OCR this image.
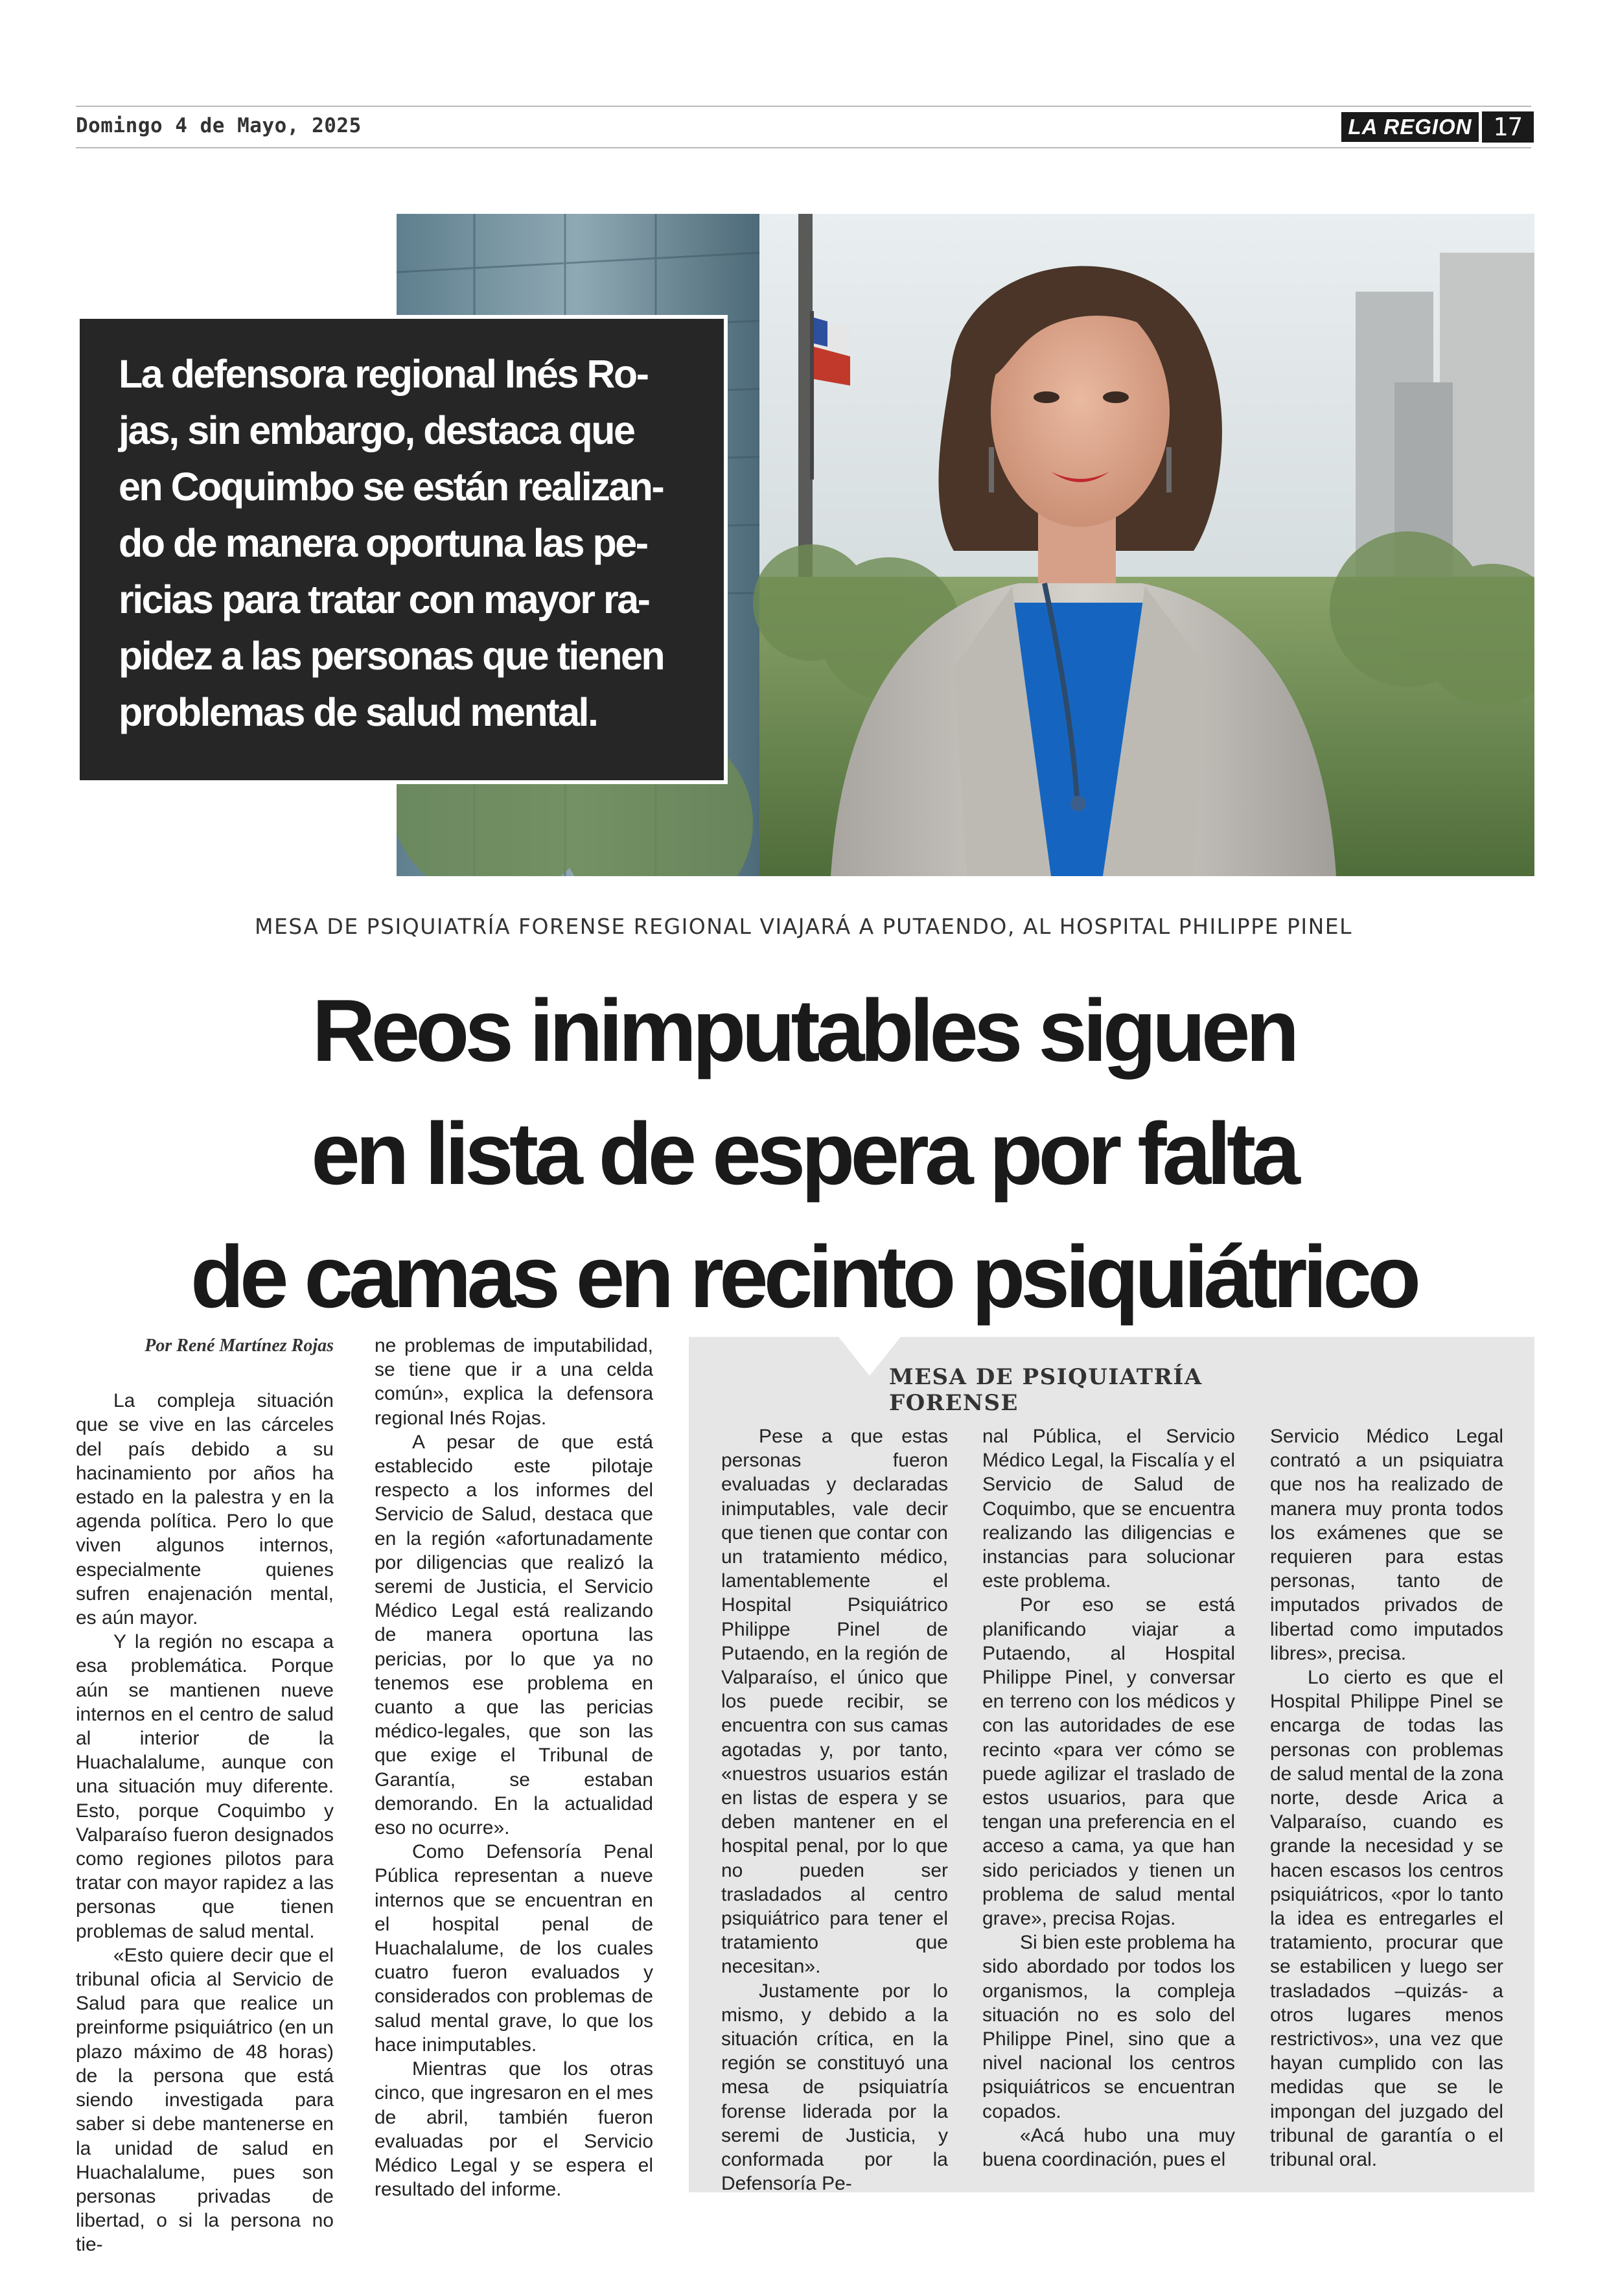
Domingo 4 de Mayo, 2025	LA REGION 17
La defensora regional Inés Ro-
jas, sin embargo, destaca que
en Coquimbo se están realizan-
do de manera oportuna las pe-
ricias para tratar con mayor ra-
pidez a las personas que tienen
problemas de salud mental.
MESA DE PSIQUIATRÍA FORENSE REGIONAL VIAJARÁ A PUTAENDO, AL HOSPITAL PHILIPPE PINEL
Reos inimputables siguen
en lista de espera por falta
de camas en recinto psiquiátrico

Por René Martínez Rojas

La compleja situación que se vive en las cárceles del país debido a su hacinamiento por años ha estado en la palestra y en la agenda política. Pero lo que viven algunos internos, especialmente quienes sufren enajenación mental, es aún mayor.

Y la región no escapa a esa problemática. Porque aún se mantienen nueve internos en el centro de salud al interior de la Huachalalume, aunque con una situación muy diferente. Esto, porque Coquimbo y Valparaíso fueron designados como regiones pilotos para tratar con mayor rapidez a las personas que tienen problemas de salud mental.

«Esto quiere decir que el tribunal oficia al Servicio de Salud para que realice un preinforme psiquiátrico (en un plazo máximo de 48 horas) de la persona que está siendo investigada para saber si debe mantenerse en la unidad de salud en Huachalalume, pues son personas privadas de libertad, o si la persona no tie-

ne problemas de imputabilidad, se tiene que ir a una celda común», explica la defensora regional Inés Rojas.

A pesar de que está establecido este pilotaje respecto a los informes del Servicio de Salud, destaca que en la región «afortunadamente por diligencias que realizó la seremi de Justicia, el Servicio Médico Legal está realizando de manera oportuna las pericias, por lo que ya no tenemos ese problema en cuanto a que las pericias médico-legales, que son las que exige el Tribunal de Garantía, se estaban demorando. En la actualidad eso no ocurre».

Como Defensoría Penal Pública representan a nueve internos que se encuentran en el hospital penal de Huachalalume, de los cuales cuatro fueron evaluados y considerados con problemas de salud mental grave, lo que los hace inimputables.

Mientras que los otras cinco, que ingresaron en el mes de abril, también fueron evaluadas por el Servicio Médico Legal y se espera el resultado del informe.

MESA DE PSIQUIATRÍA FORENSE

Pese a que estas personas fueron evaluadas y declaradas inimputables, vale decir que tienen que contar con un tratamiento médico, lamentablemente el Hospital Psiquiátrico Philippe Pinel de Putaendo, en la región de Valparaíso, el único que los puede recibir, se encuentra con sus camas agotadas y, por tanto, «nuestros usuarios están en listas de espera y se deben mantener en el hospital penal, por lo que no pueden ser trasladados al centro psiquiátrico para tener el tratamiento que necesitan».

Justamente por lo mismo, y debido a la situación crítica, en la región se constituyó una mesa de psiquiatría forense liderada por la seremi de Justicia, y conformada por la Defensoría Pe-

nal Pública, el Servicio Médico Legal, la Fiscalía y el Servicio de Salud de Coquimbo, que se encuentra realizando las diligencias e instancias para solucionar este problema.

Por eso se está planificando viajar a Putaendo, al Hospital Philippe Pinel, y conversar en terreno con los médicos y con las autoridades de ese recinto «para ver cómo se puede agilizar el traslado de estos usuarios, para que tengan una preferencia en el acceso a cama, ya que han sido periciados y tienen un problema de salud mental grave», precisa Rojas.

Si bien este problema ha sido abordado por todos los organismos, la compleja situación no es solo del Philippe Pinel, sino que a nivel nacional los centros psiquiátricos se encuentran copados.

«Acá hubo una muy buena coordinación, pues el

Servicio Médico Legal contrató a un psiquiatra que nos ha realizado de manera muy pronta todos los exámenes que se requieren para estas personas, tanto de imputados privados de libertad como imputados libres», precisa.

Lo cierto es que el Hospital Philippe Pinel se encarga de todas las personas con problemas de salud mental de la zona norte, desde Arica a Valparaíso, cuando es grande la necesidad y se hacen escasos los centros psiquiátricos, «por lo tanto la idea es entregarles el tratamiento, procurar que se estabilicen y luego ser trasladados –quizás- a otros lugares menos restrictivos», una vez que hayan cumplido con las medidas que se le impongan del juzgado del tribunal de garantía o el tribunal oral.
